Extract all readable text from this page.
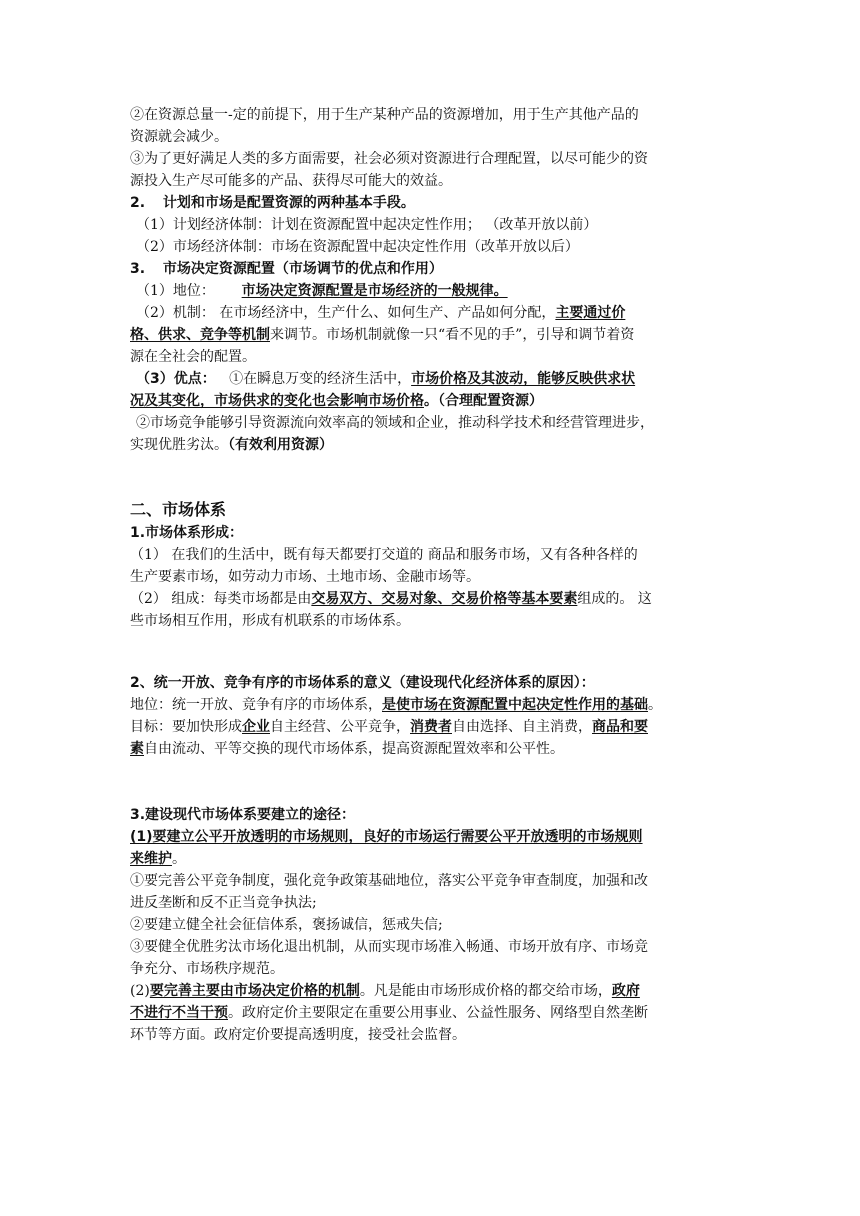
②在资源总量一-定的前提下，用于生产某种产品的资源增加，用于生产其他产品的
资源就会减少。
③为了更好满足人类的多方面需要，社会必须对资源进行合理配置，以尽可能少的资
源投入生产尽可能多的产品、获得尽可能大的效益。
2. 计划和市场是配置资源的两种基本手段。
（1）计划经济体制：计划在资源配置中起决定性作用； （改革开放以前）
（2）市场经济体制：市场在资源配置中起决定性作用（改革开放以后）
3. 市场决定资源配置（市场调节的优点和作用）
（1）地位： 市场决定资源配置是市场经济的一般规律。
（2）机制： 在市场经济中，生产什么、如何生产、产品如何分配，主要通过价
格、供求、竞争等机制来调节。市场机制就像一只“看不见的手”，引导和调节着资
源在全社会的配置。
（3）优点： ①在瞬息万变的经济生活中，市场价格及其波动，能够反映供求状
况及其变化，市场供求的变化也会影响市场价格。（合理配置资源）
②市场竞争能够引导资源流向效率高的领域和企业，推动科学技术和经营管理进步，
实现优胜劣汰。（有效利用资源）
二、市场体系
1.市场体系形成：
（1） 在我们的生活中，既有每天都要打交道的 商品和服务市场，又有各种各样的
生产要素市场，如劳动力市场、土地市场、金融市场等。
（2） 组成：每类市场都是由交易双方、交易对象、交易价格等基本要素组成的。 这
些市场相互作用，形成有机联系的市场体系。
2、统一开放、竞争有序的市场体系的意义（建设现代化经济体系的原因）：
地位：统一开放、竞争有序的市场体系，是使市场在资源配置中起决定性作用的基础。
目标：要加快形成企业自主经营、公平竞争，消费者自由选择、自主消费，商品和要
素自由流动、平等交换的现代市场体系，提高资源配置效率和公平性。
3.建设现代市场体系要建立的途径：
(1)要建立公平开放透明的市场规则，良好的市场运行需要公平开放透明的市场规则
来维护。
①要完善公平竞争制度，强化竞争政策基础地位，落实公平竞争审查制度，加强和改
进反垄断和反不正当竞争执法;
②要建立健全社会征信体系，褒扬诚信，惩戒失信;
③要健全优胜劣汰市场化退出机制，从而实现市场准入畅通、市场开放有序、市场竞
争充分、市场秩序规范。
(2)要完善主要由市场决定价格的机制。凡是能由市场形成价格的都交给市场，政府
不进行不当干预。政府定价主要限定在重要公用事业、公益性服务、网络型自然垄断
环节等方面。政府定价要提高透明度，接受社会监督。
